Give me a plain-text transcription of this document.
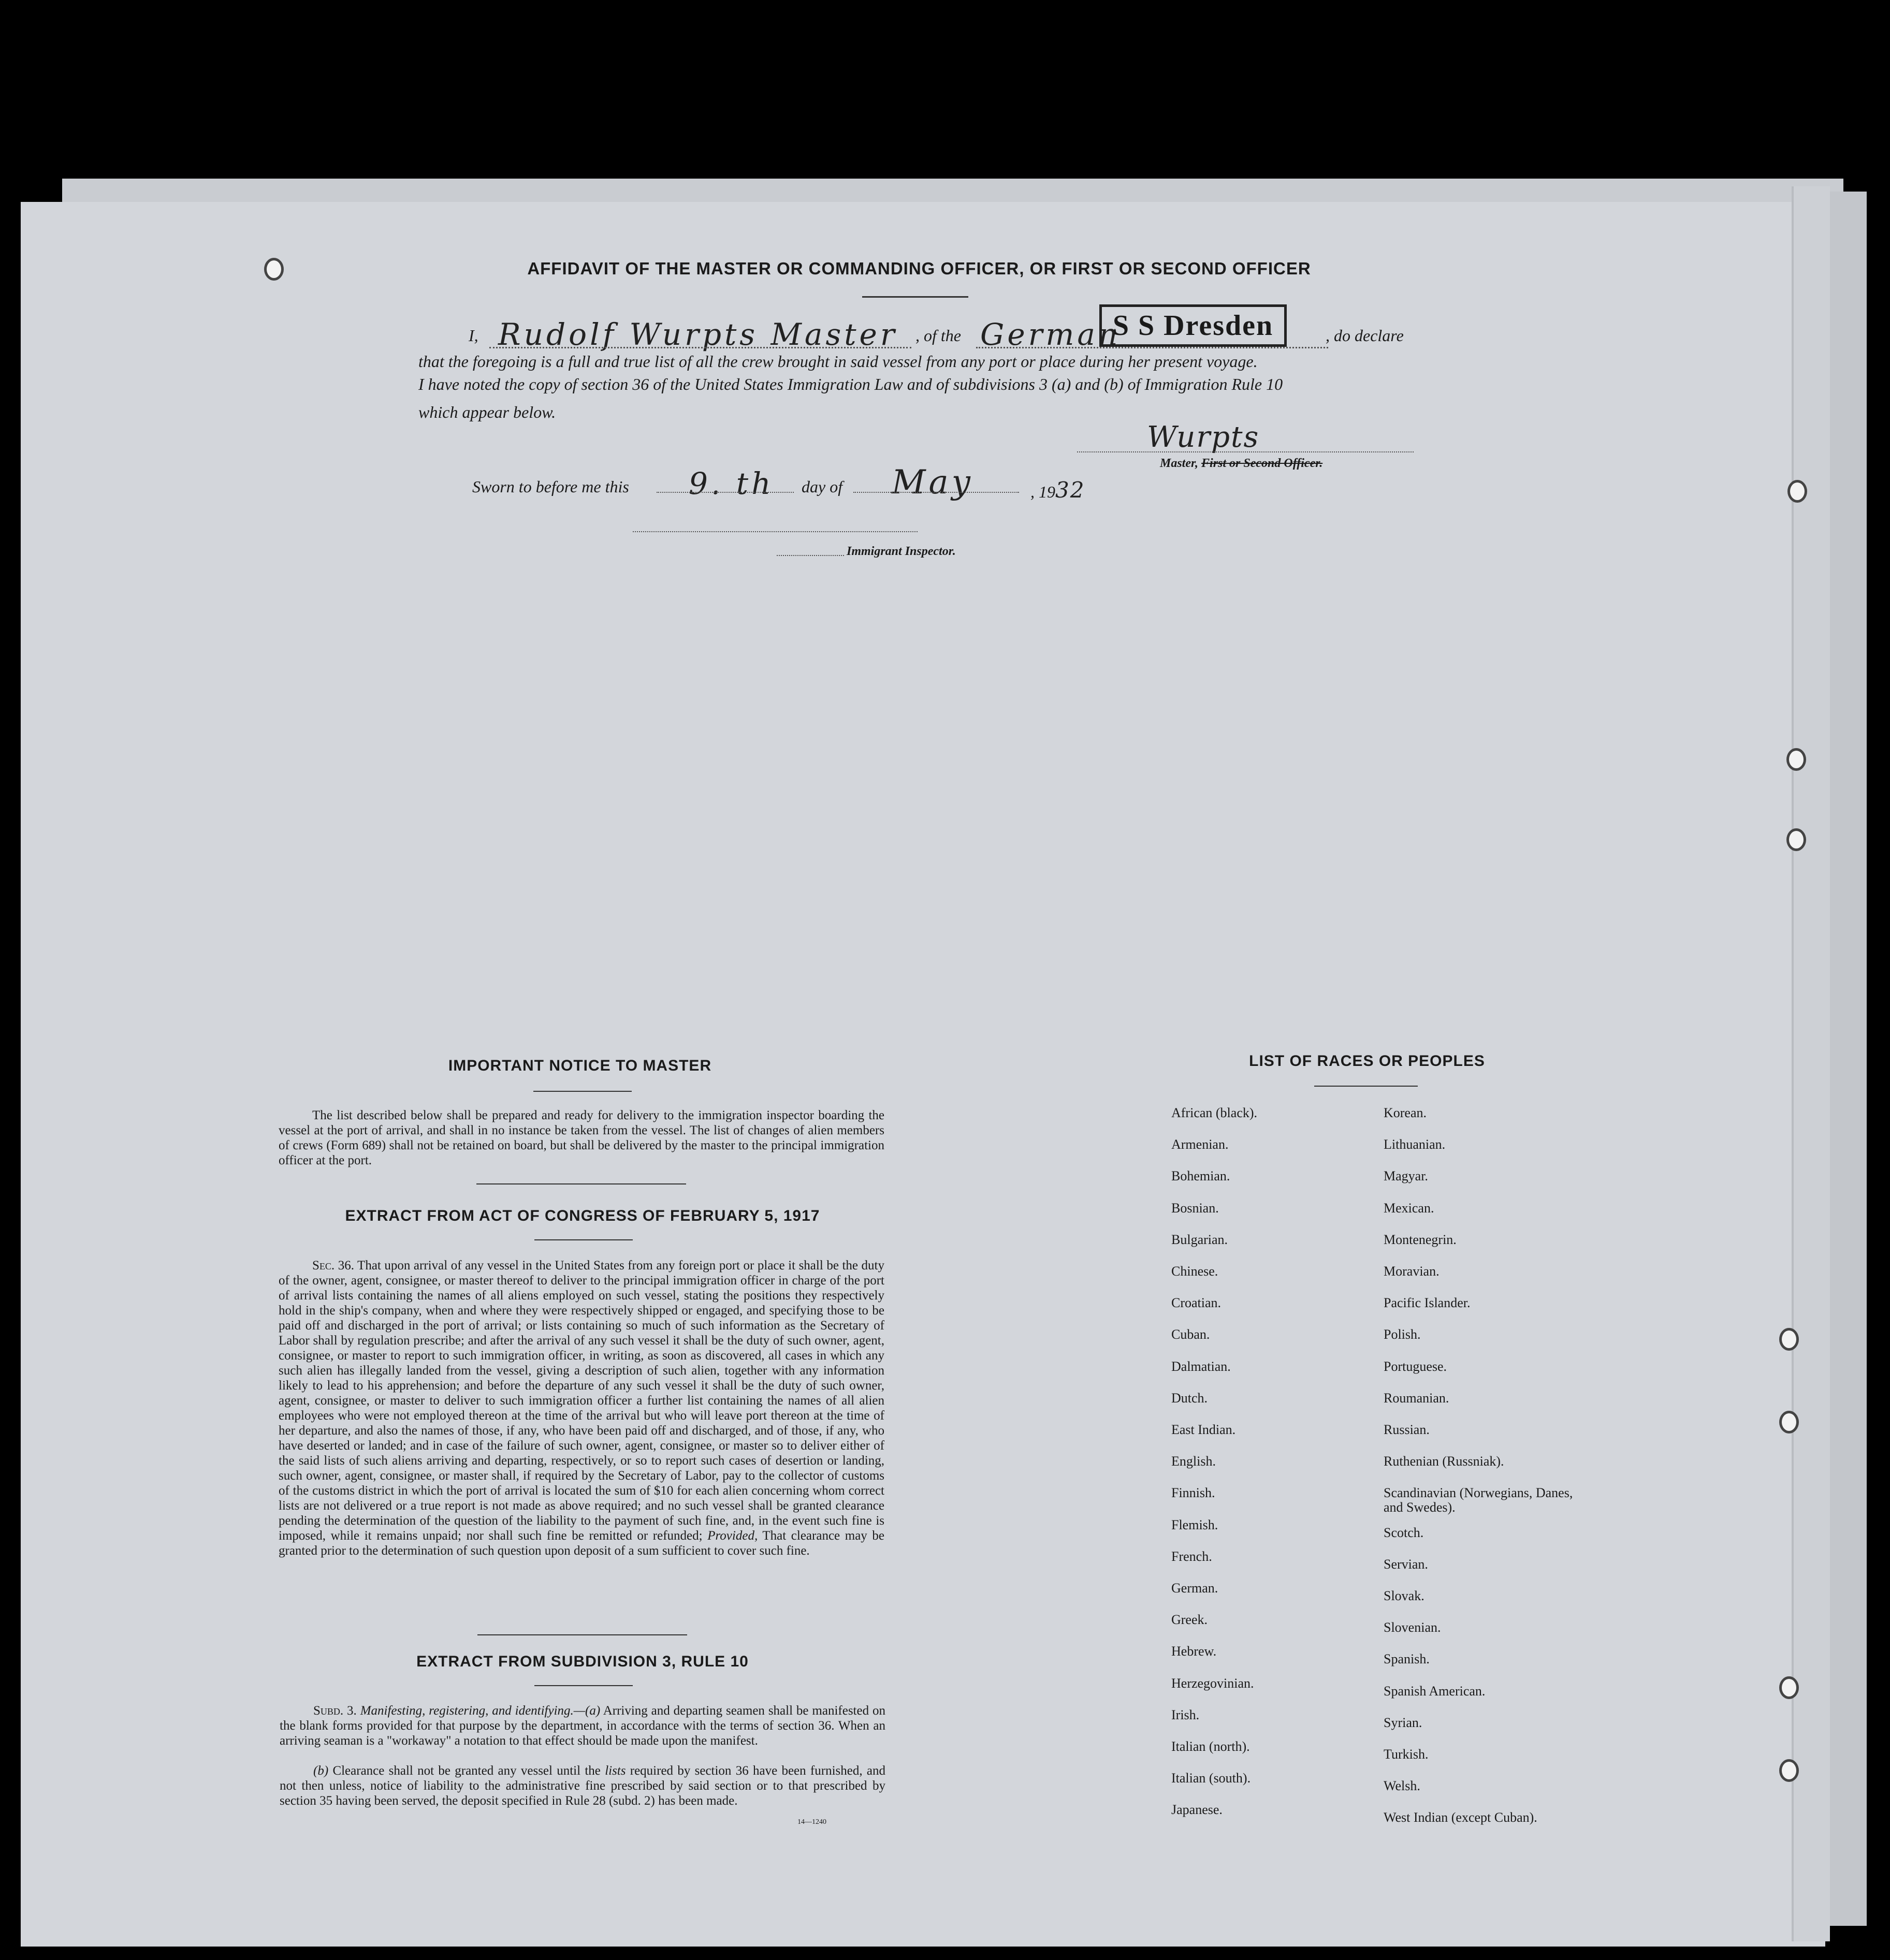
AFFIDAVIT OF THE MASTER OR COMMANDING OFFICER, OR FIRST OR SECOND OFFICER
I, Rudolf Wurpts Master , of the German
S S Dresden	, do declare
that the foregoing is a full and true list of all the crew brought in said vessel from any port or place during her present voyage.
I have noted the copy of section 36 of the United States Immigration Law and of subdivisions 3 (a) and (b) of Immigration Rule 10
which appear below.
Wurpts
Master, First or Second Officer.
Sworn to before me this 9. th day of May	, 1932
Immigrant Inspector.
IMPORTANT NOTICE TO MASTER
The list described below shall be prepared and ready for delivery to the immigration inspector boarding the vessel at the port of arrival, and shall in no instance be taken from the vessel. The list of changes of alien members of crews (Form 689) shall not be retained on board, but shall be delivered by the master to the principal immigration officer at the port.
EXTRACT FROM ACT OF CONGRESS OF FEBRUARY 5, 1917
Sec. 36. That upon arrival of any vessel in the United States from any foreign port or place it shall be the duty of the owner, agent, consignee, or master thereof to deliver to the principal immigration officer in charge of the port of arrival lists containing the names of all aliens employed on such vessel, stating the positions they respectively hold in the ship's company, when and where they were respectively shipped or engaged, and specifying those to be paid off and discharged in the port of arrival; or lists containing so much of such information as the Secretary of Labor shall by regulation prescribe; and after the arrival of any such vessel it shall be the duty of such owner, agent, consignee, or master to report to such immigration officer, in writing, as soon as discovered, all cases in which any such alien has illegally landed from the vessel, giving a description of such alien, together with any information likely to lead to his apprehension; and before the departure of any such vessel it shall be the duty of such owner, agent, consignee, or master to deliver to such immigration officer a further list containing the names of all alien employees who were not employed thereon at the time of the arrival but who will leave port thereon at the time of her departure, and also the names of those, if any, who have been paid off and discharged, and of those, if any, who have deserted or landed; and in case of the failure of such owner, agent, consignee, or master so to deliver either of the said lists of such aliens arriving and departing, respectively, or so to report such cases of desertion or landing, such owner, agent, consignee, or master shall, if required by the Secretary of Labor, pay to the collector of customs of the customs district in which the port of arrival is located the sum of $10 for each alien concerning whom correct lists are not delivered or a true report is not made as above required; and no such vessel shall be granted clearance pending the determination of the question of the liability to the payment of such fine, and, in the event such fine is imposed, while it remains unpaid; nor shall such fine be remitted or refunded; Provided, That clearance may be granted prior to the determination of such question upon deposit of a sum sufficient to cover such fine.
EXTRACT FROM SUBDIVISION 3, RULE 10
Subd. 3. Manifesting, registering, and identifying.—(a) Arriving and departing seamen shall be manifested on the blank forms provided for that purpose by the department, in accordance with the terms of section 36. When an arriving seaman is a "workaway" a notation to that effect should be made upon the manifest.
(b) Clearance shall not be granted any vessel until the lists required by section 36 have been furnished, and not then unless, notice of liability to the administrative fine prescribed by said section or to that prescribed by section 35 having been served, the deposit specified in Rule 28 (subd. 2) has been made.
14—1240
LIST OF RACES OR PEOPLES
African (black).
Armenian.
Bohemian.
Bosnian.
Bulgarian.
Chinese.
Croatian.
Cuban.
Dalmatian.
Dutch.
East Indian.
English.
Finnish.
Flemish.
French.
German.
Greek.
Hebrew.
Herzegovinian.
Irish.
Italian (north).
Italian (south).
Japanese.
Korean.
Lithuanian.
Magyar.
Mexican.
Montenegrin.
Moravian.
Pacific Islander.
Polish.
Portuguese.
Roumanian.
Russian.
Ruthenian (Russniak).
Scandinavian (Norwegians, Danes, and Swedes).
Scotch.
Servian.
Slovak.
Slovenian.
Spanish.
Spanish American.
Syrian.
Turkish.
Welsh.
West Indian (except Cuban).
